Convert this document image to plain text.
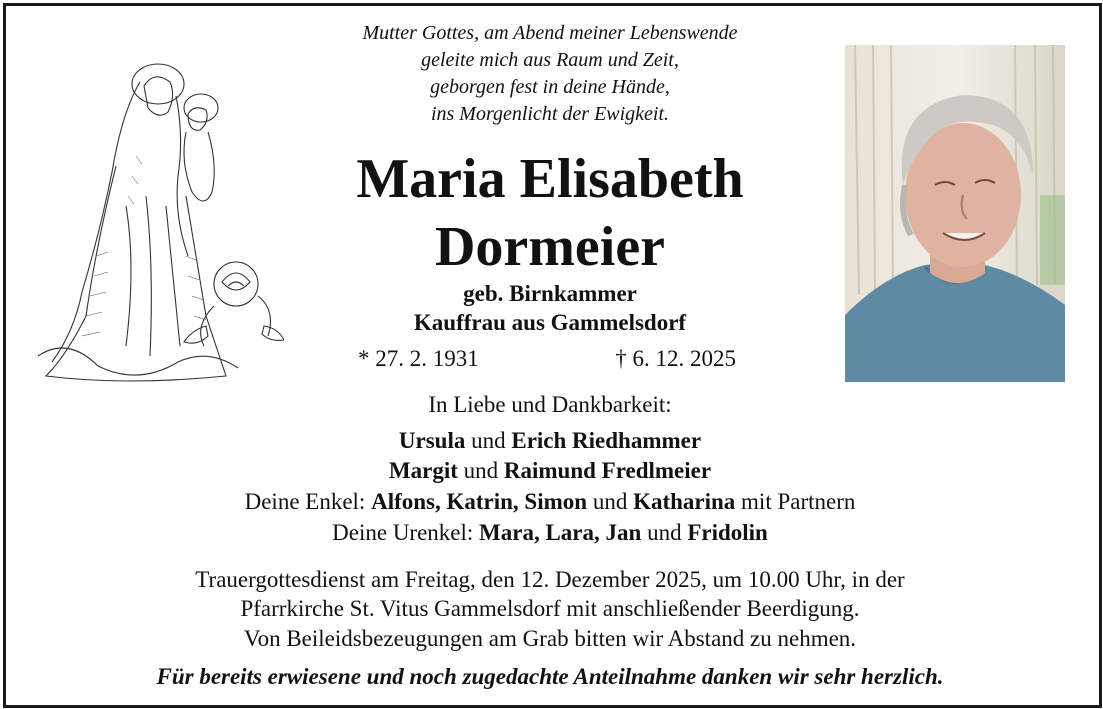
Mutter Gottes, am Abend meiner Lebenswende
geleite mich aus Raum und Zeit,
geborgen fest in deine Hände,
ins Morgenlicht der Ewigkeit.
Maria Elisabeth
Dormeier
geb. Birnkammer
Kauffrau aus Gammelsdorf
* 27. 2. 1931	† 6. 12. 2025
In Liebe und Dankbarkeit:
Ursula und Erich Riedhammer
Margit und Raimund Fredlmeier
Deine Enkel: Alfons, Katrin, Simon und Katharina mit Partnern
Deine Urenkel: Mara, Lara, Jan und Fridolin
Trauergottesdienst am Freitag, den 12. Dezember 2025, um 10.00 Uhr, in der
Pfarrkirche St. Vitus Gammelsdorf mit anschließender Beerdigung.
Von Beileidsbezeugungen am Grab bitten wir Abstand zu nehmen.
Für bereits erwiesene und noch zugedachte Anteilnahme danken wir sehr herzlich.
